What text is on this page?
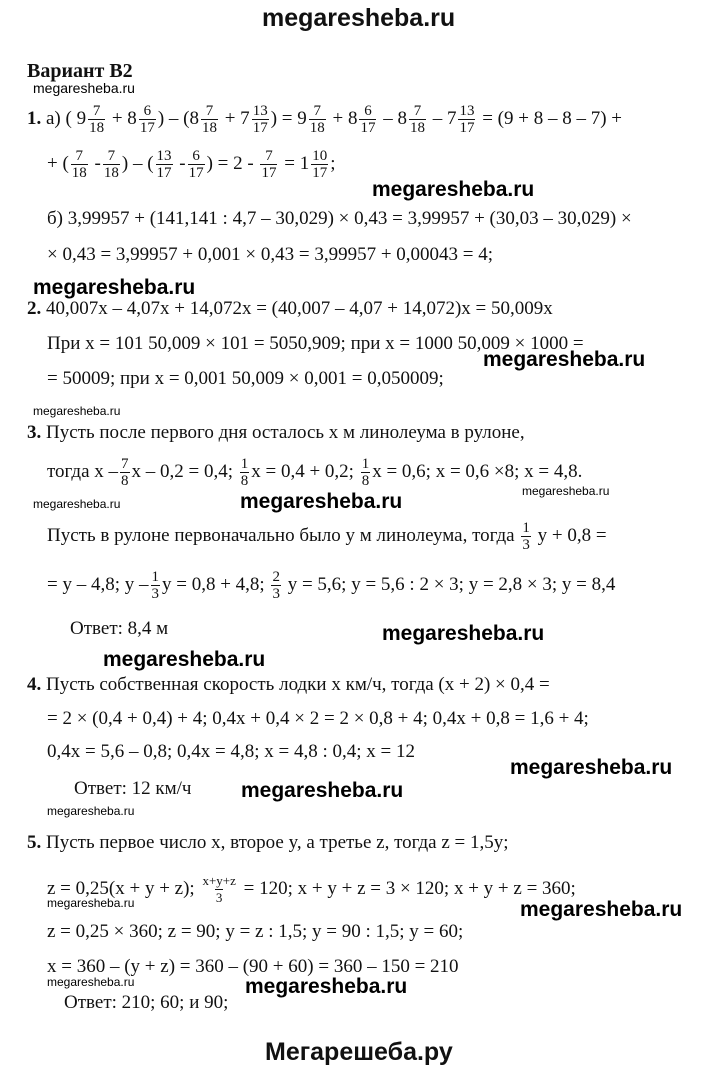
megaresheba.ru
Мегарешеба.ру
Вариант В2
megaresheba.ru
1. а) ( $9 \frac{7}{18} + 8 \frac{6}{17}$ ) – ($8 \frac{7}{18} + 7 \frac{13}{17}$ ) = $9 \frac{7}{18} + 8 \frac{6}{17} - 8 \frac{7}{18} - 7 \frac{13}{17} = (9 + 8 - 8 - 7)$ +
+ ( $\frac{7}{18} - \frac{7}{18}$ ) – ( $\frac{13}{17} - \frac{6}{17}$ ) = $2 - \frac{7}{17} = 1 \frac{10}{17}$ ;
megaresheba.ru
б) 3,99957 + (141,141 : 4,7 – 30,029) × 0,43 = 3,99957 + (30,03 – 30,029) ×
× 0,43 = 3,99957 + 0,001 × 0,43 = 3,99957 + 0,00043 = 4;
megaresheba.ru
2. 40,007x – 4,07x + 14,072x = (40,007 – 4,07 + 14,072)x = 50,009x
При x = 101 50,009 × 101 = 5050,909; при x = 1000 50,009 × 1000 =
megaresheba.ru
= 50009; при x = 0,001 50,009 × 0,001 = 0,050009;
megaresheba.ru
3. Пусть после первого дня осталось x м линолеума в рулоне,
тогда x – $\frac{7}{8}$ x – 0,2 = 0,4; $\frac{1}{8}$ x = 0,4 + 0,2; $\frac{1}{8}$ x = 0,6; x = 0,6 ×8; x = 4,8.
megaresheba.ru
megaresheba.ru	megaresheba.ru
Пусть в рулоне первоначально было y м линолеума, тогда $\frac{1}{3}$ y + 0,8 =
= y – 4,8; y – $\frac{1}{3}$ y = 0,8 + 4,8; $\frac{2}{3}$ y = 5,6; y = 5,6 : 2 × 3; y = 2,8 × 3; y = 8,4
Ответ: 8,4 м	megaresheba.ru
megaresheba.ru
4. Пусть собственная скорость лодки x км/ч, тогда (x + 2) × 0,4 =
= 2 × (0,4 + 0,4) + 4; 0,4x + 0,4 × 2 = 2 × 0,8 + 4; 0,4x + 0,8 = 1,6 + 4;
0,4x = 5,6 – 0,8; 0,4x = 4,8; x = 4,8 : 0,4; x = 12
megaresheba.ru
Ответ: 12 км/ч megaresheba.ru
megaresheba.ru
5. Пусть первое число x, второе y, а третье z, тогда z = 1,5y;
z = 0,25(x + y + z); $\frac{x+y+z}{3} = 120$; x + y + z = 3 × 120; x + y + z = 360;
megaresheba.ru	megaresheba.ru
z = 0,25 × 360; z = 90; y = z : 1,5; y = 90 : 1,5; y = 60;
x = 360 – (y + z) = 360 – (90 + 60) = 360 – 150 = 210
megaresheba.ru
Ответ: 210; 60; и 90;
megaresheba.ru
